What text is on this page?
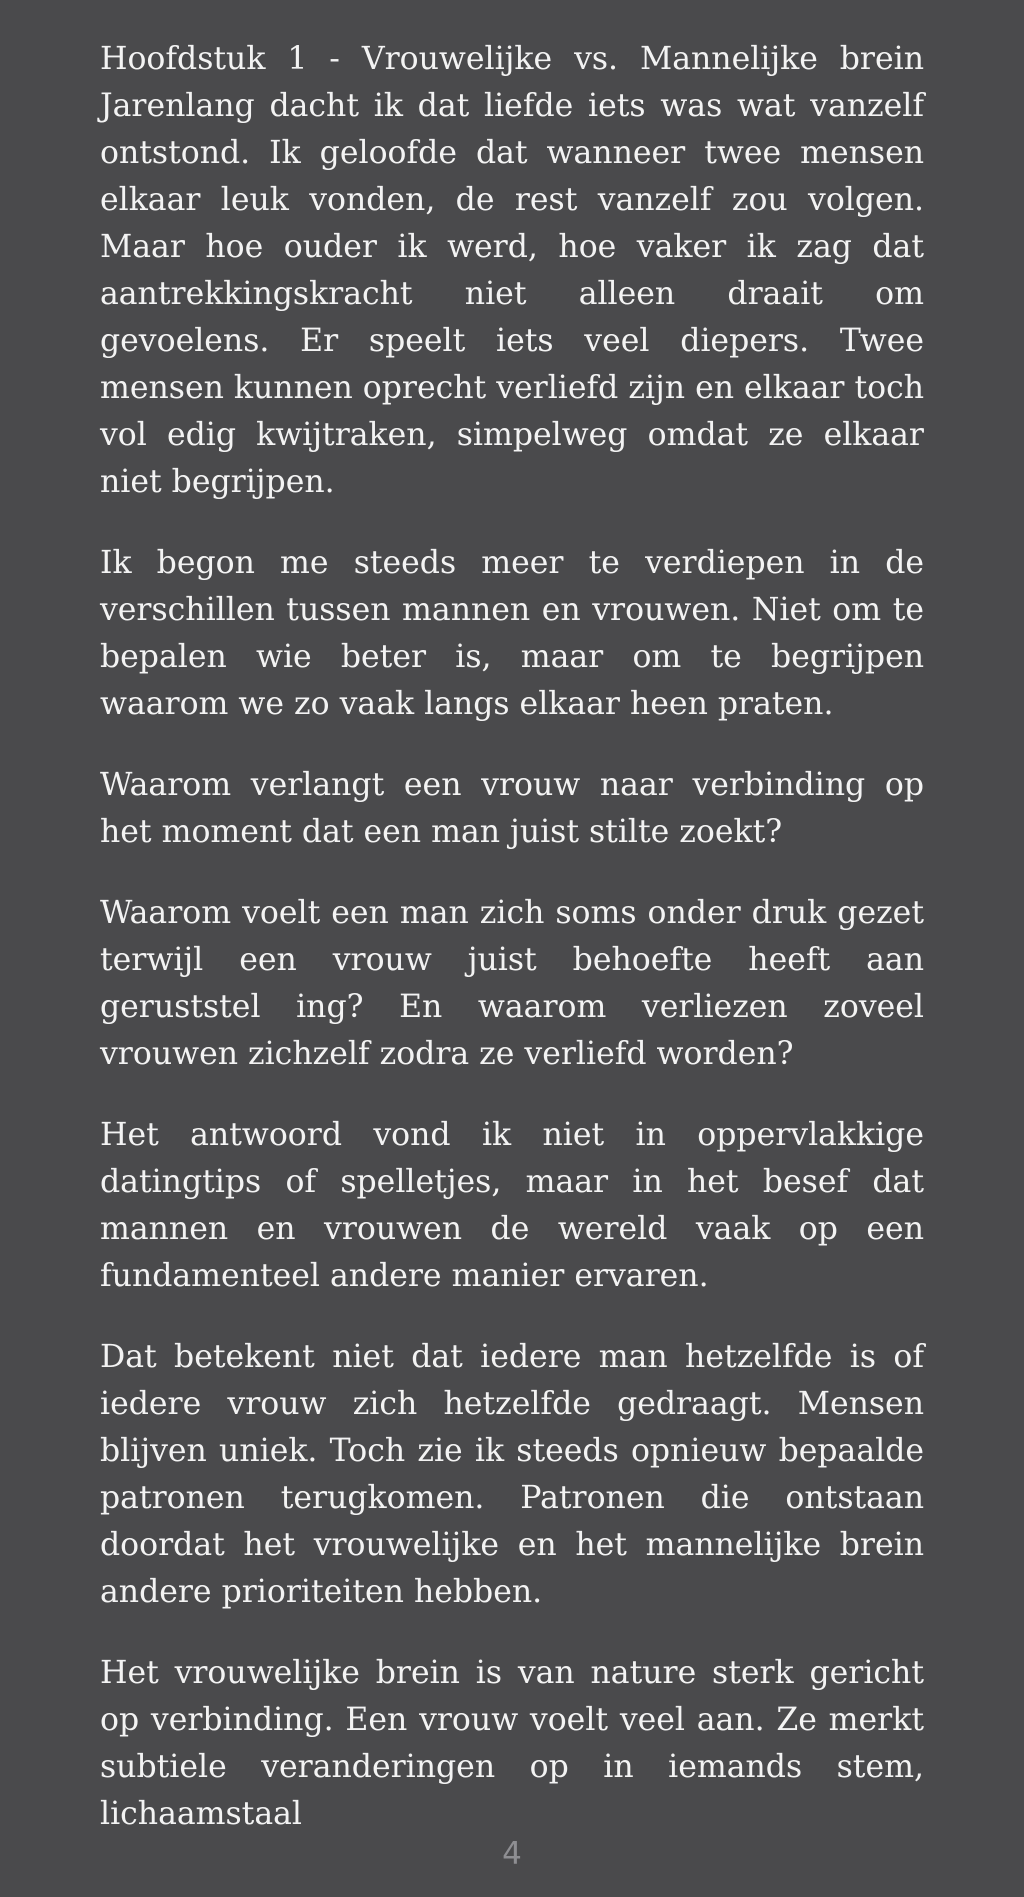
Hoofdstuk 1 - Vrouwelijke vs. Mannelijke brein Jarenlang dacht ik dat liefde iets was wat vanzelf ontstond. Ik geloofde dat wanneer twee mensen elkaar leuk vonden, de rest vanzelf zou volgen. Maar hoe ouder ik werd, hoe vaker ik zag dat aantrekkingskracht niet alleen draait om gevoelens. Er speelt iets veel diepers. Twee mensen kunnen oprecht verliefd zijn en elkaar toch vol edig kwijtraken, simpelweg omdat ze elkaar niet begrijpen.

Ik begon me steeds meer te verdiepen in de verschillen tussen mannen en vrouwen. Niet om te bepalen wie beter is, maar om te begrijpen waarom we zo vaak langs elkaar heen praten.

Waarom verlangt een vrouw naar verbinding op het moment dat een man juist stilte zoekt?

Waarom voelt een man zich soms onder druk gezet terwijl een vrouw juist behoefte heeft aan geruststel ing? En waarom verliezen zoveel vrouwen zichzelf zodra ze verliefd worden?

Het antwoord vond ik niet in oppervlakkige datingtips of spelletjes, maar in het besef dat mannen en vrouwen de wereld vaak op een fundamenteel andere manier ervaren.

Dat betekent niet dat iedere man hetzelfde is of iedere vrouw zich hetzelfde gedraagt. Mensen blijven uniek. Toch zie ik steeds opnieuw bepaalde patronen terugkomen. Patronen die ontstaan doordat het vrouwelijke en het mannelijke brein andere prioriteiten hebben.

Het vrouwelijke brein is van nature sterk gericht op verbinding. Een vrouw voelt veel aan. Ze merkt subtiele veranderingen op in iemands stem, lichaamstaal

4
